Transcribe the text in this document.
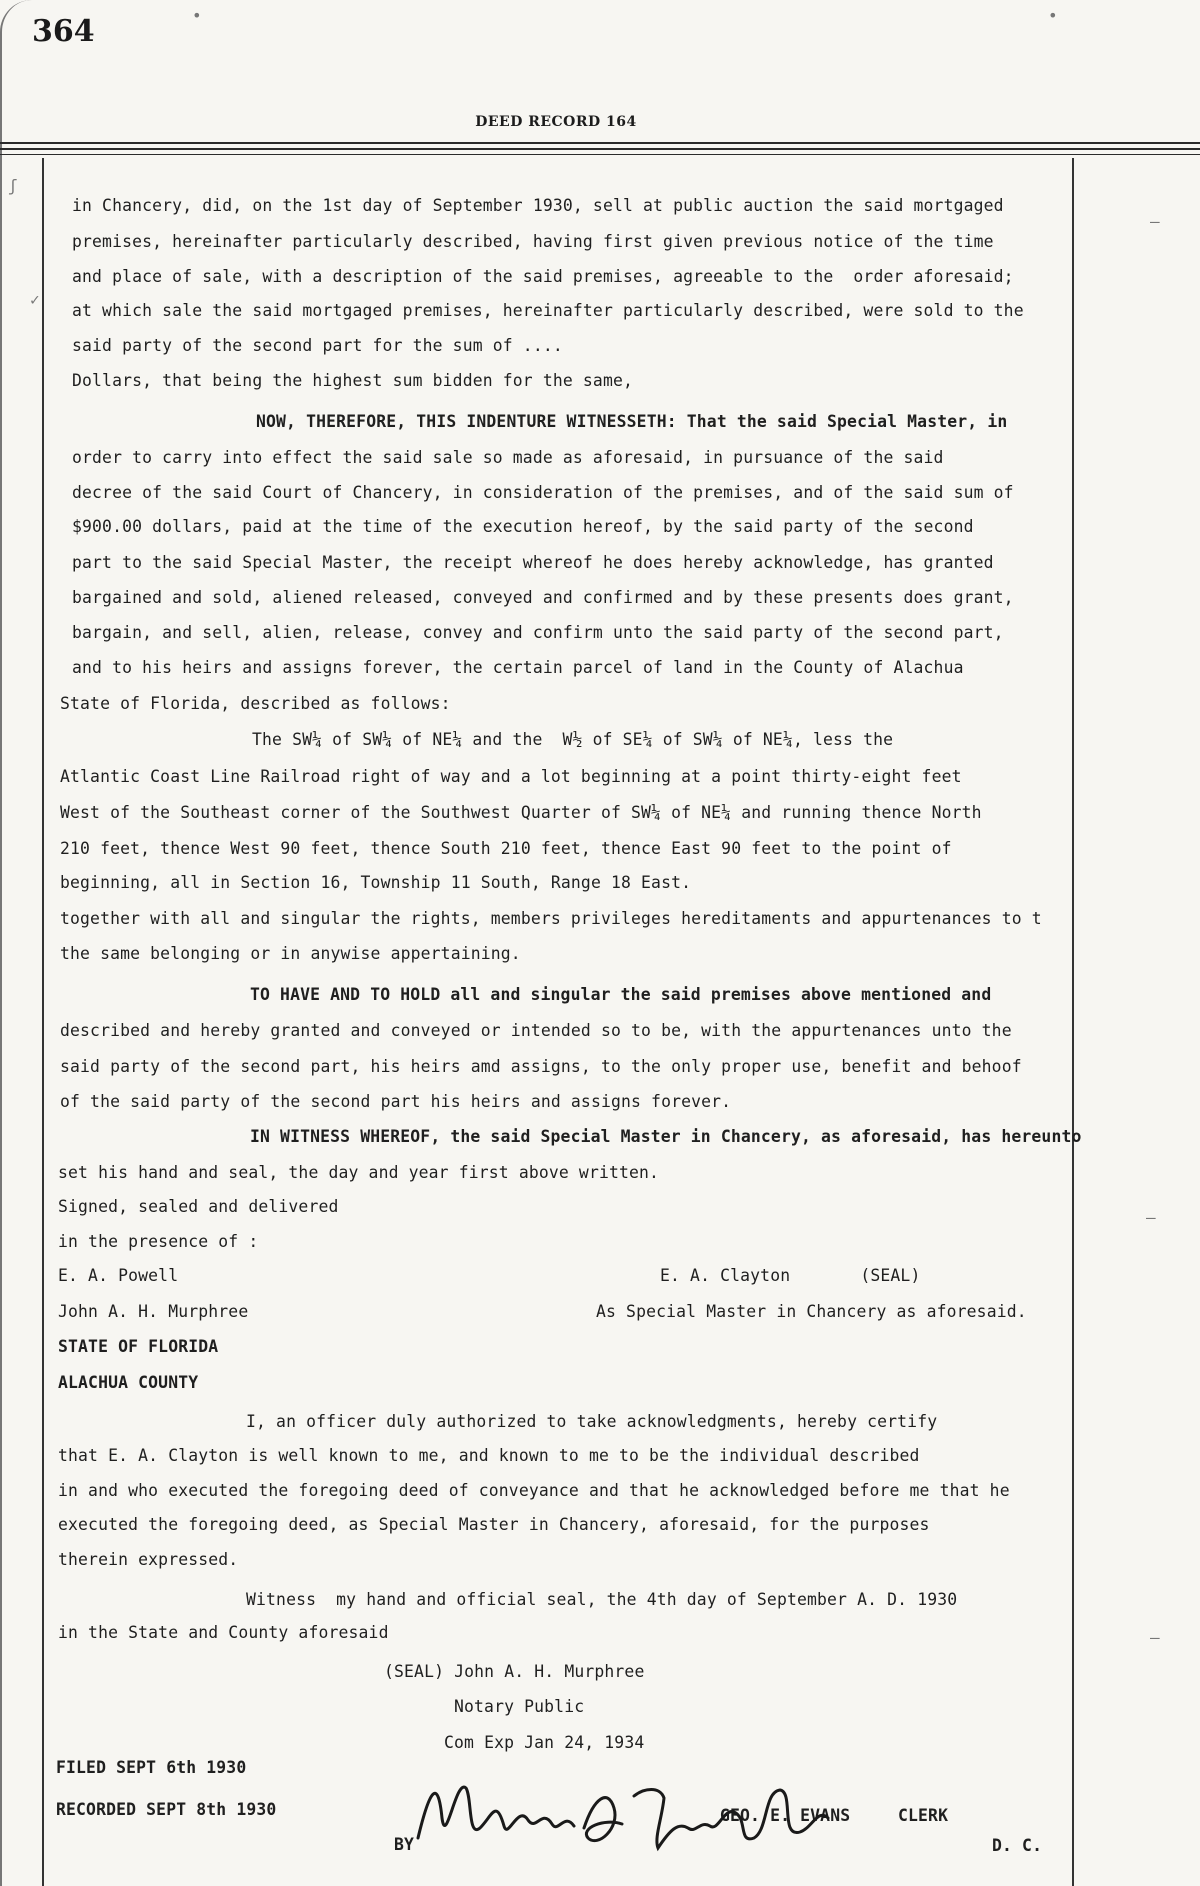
364
DEED RECORD 164
in Chancery, did, on the 1st day of September 1930, sell at public auction the said mortgaged
premises, hereinafter particularly described, having first given previous notice of the time
and place of sale, with a description of the said premises, agreeable to the  order aforesaid;
at which sale the said mortgaged premises, hereinafter particularly described, were sold to the
said party of the second part for the sum of ....
Dollars, that being the highest sum bidden for the same,
NOW, THEREFORE, THIS INDENTURE WITNESSETH: That the said Special Master, in
order to carry into effect the said sale so made as aforesaid, in pursuance of the said
decree of the said Court of Chancery, in consideration of the premises, and of the said sum of
$900.00 dollars, paid at the time of the execution hereof, by the said party of the second
part to the said Special Master, the receipt whereof he does hereby acknowledge, has granted
bargained and sold, aliened released, conveyed and confirmed and by these presents does grant,
bargain, and sell, alien, release, convey and confirm unto the said party of the second part,
and to his heirs and assigns forever, the certain parcel of land in the County of Alachua
State of Florida, described as follows:
The SW¼ of SW¼ of NE¼ and the  W½ of SE¼ of SW¼ of NE¼, less the
Atlantic Coast Line Railroad right of way and a lot beginning at a point thirty-eight feet
West of the Southeast corner of the Southwest Quarter of SW¼ of NE¼ and running thence North
210 feet, thence West 90 feet, thence South 210 feet, thence East 90 feet to the point of
beginning, all in Section 16, Township 11 South, Range 18 East.
together with all and singular the rights, members privileges hereditaments and appurtenances to t
the same belonging or in anywise appertaining.
TO HAVE AND TO HOLD all and singular the said premises above mentioned and
described and hereby granted and conveyed or intended so to be, with the appurtenances unto the
said party of the second part, his heirs amd assigns, to the only proper use, benefit and behoof
of the said party of the second part his heirs and assigns forever.
IN WITNESS WHEREOF, the said Special Master in Chancery, as aforesaid, has hereunto
set his hand and seal, the day and year first above written.
Signed, sealed and delivered
in the presence of :
E. A. Powell
John A. H. Murphree
STATE OF FLORIDA
ALACHUA COUNTY
I, an officer duly authorized to take acknowledgments, hereby certify
that E. A. Clayton is well known to me, and known to me to be the individual described
in and who executed the foregoing deed of conveyance and that he acknowledged before me that he
executed the foregoing deed, as Special Master in Chancery, aforesaid, for the purposes
therein expressed.
Witness  my hand and official seal, the 4th day of September A. D. 1930
in the State and County aforesaid
(SEAL) John A. H. Murphree
Notary Public
Com Exp Jan 24, 1934
E. A. Clayton       (SEAL)
As Special Master in Chancery as aforesaid.
FILED SEPT 6th 1930
RECORDED SEPT 8th 1930
BY
GEO. E. EVANS	CLERK
D. C.
•	•
ʃ
✓
—
—
—
